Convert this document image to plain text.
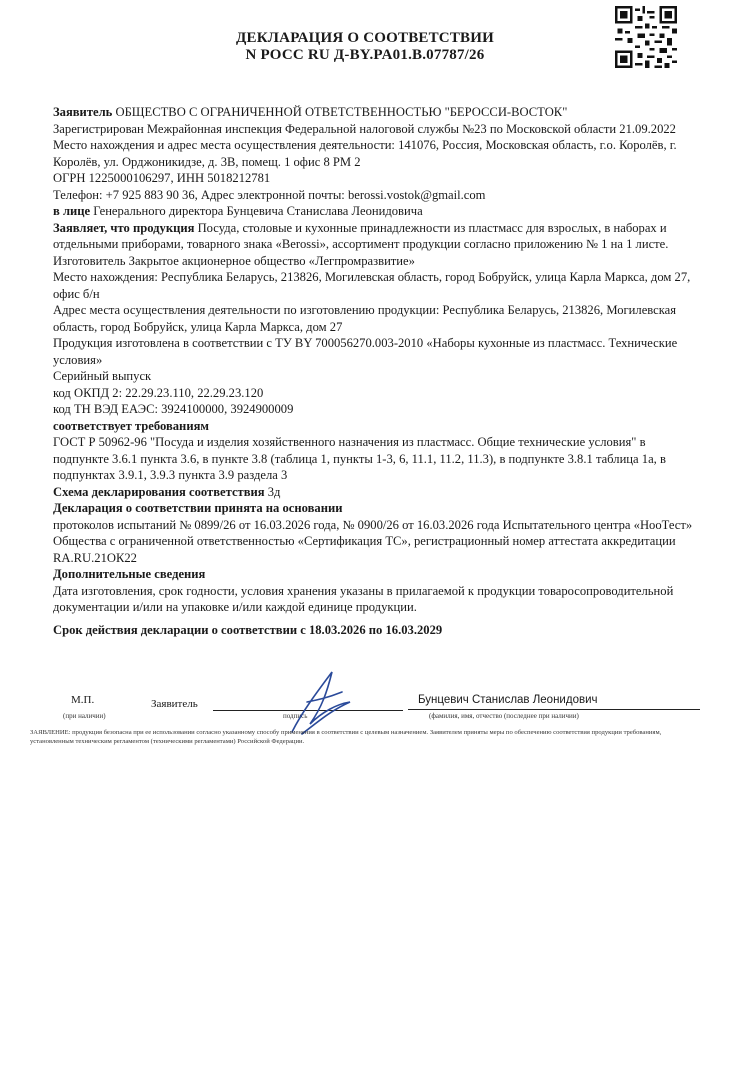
ДЕКЛАРАЦИЯ О СООТВЕТСТВИИ
N РОСС RU Д-BY.PA01.B.07787/26

Заявитель ОБЩЕСТВО С ОГРАНИЧЕННОЙ ОТВЕТСТВЕННОСТЬЮ "БЕРОССИ-ВОСТОК"

Зарегистрирован Межрайонная инспекция Федеральной налоговой службы №23 по Московской области 21.09.2022

Место нахождения и адрес места осуществления деятельности: 141076, Россия, Московская область, г.о. Королёв, г. Королёв, ул. Орджоникидзе, д. 3В, помещ. 1 офис 8 РМ 2

ОГРН 1225000106297, ИНН 5018212781

Телефон: +7 925 883 90 36, Адрес электронной почты: berossi.vostok@gmail.com

в лице Генерального директора Бунцевича Станислава Леонидовича

Заявляет, что продукция Посуда, столовые и кухонные принадлежности из пластмасс для взрослых, в наборах и отдельными приборами, товарного знака «Berossi», ассортимент продукции согласно приложению № 1 на 1 листе.

Изготовитель Закрытое акционерное общество «Легпромразвитие»

Место нахождения: Республика Беларусь, 213826, Могилевская область, город Бобруйск, улица Карла Маркса, дом 27, офис б/н

Адрес места осуществления деятельности по изготовлению продукции: Республика Беларусь, 213826, Могилевская область, город Бобруйск, улица Карла Маркса, дом 27

Продукция изготовлена в соответствии с ТУ BY 700056270.003-2010 «Наборы кухонные из пластмасс. Технические условия»

Серийный выпуск

код ОКПД 2: 22.29.23.110, 22.29.23.120

код ТН ВЭД ЕАЭС: 3924100000, 3924900009

соответствует требованиям

ГОСТ Р 50962-96 "Посуда и изделия хозяйственного назначения из пластмасс. Общие технические условия" в подпункте 3.6.1 пункта 3.6, в пункте 3.8 (таблица 1, пункты 1-3, 6, 11.1, 11.2, 11.3), в подпункте 3.8.1 таблица 1а, в подпунктах 3.9.1, 3.9.3 пункта 3.9 раздела 3

Схема декларирования соответствия 3д

Декларация о соответствии принята на основании

протоколов испытаний № 0899/26 от 16.03.2026 года, № 0900/26 от 16.03.2026 года Испытательного центра «НооТест» Общества с ограниченной ответственностью «Сертификация ТС», регистрационный номер аттестата аккредитации RA.RU.21ОК22

Дополнительные сведения

Дата изготовления, срок годности, условия хранения указаны в прилагаемой к продукции товаросопроводительной документации и/или на упаковке и/или каждой единице продукции.

Срок действия декларации о соответствии с 18.03.2026 по 16.03.2029

М.П.
(при наличии)
Заявитель
подпись
Бунцевич Станислав Леонидович
(фамилия, имя, отчество (последнее при наличии)
ЗАЯВЛЕНИЕ: продукция безопасна при ее использовании согласно указанному способу применения в соответствии с целевым назначением. Заявителем приняты меры по обеспечению соответствия продукции требованиям, установленным техническим регламентом (техническими регламентами) Российской Федерации.
